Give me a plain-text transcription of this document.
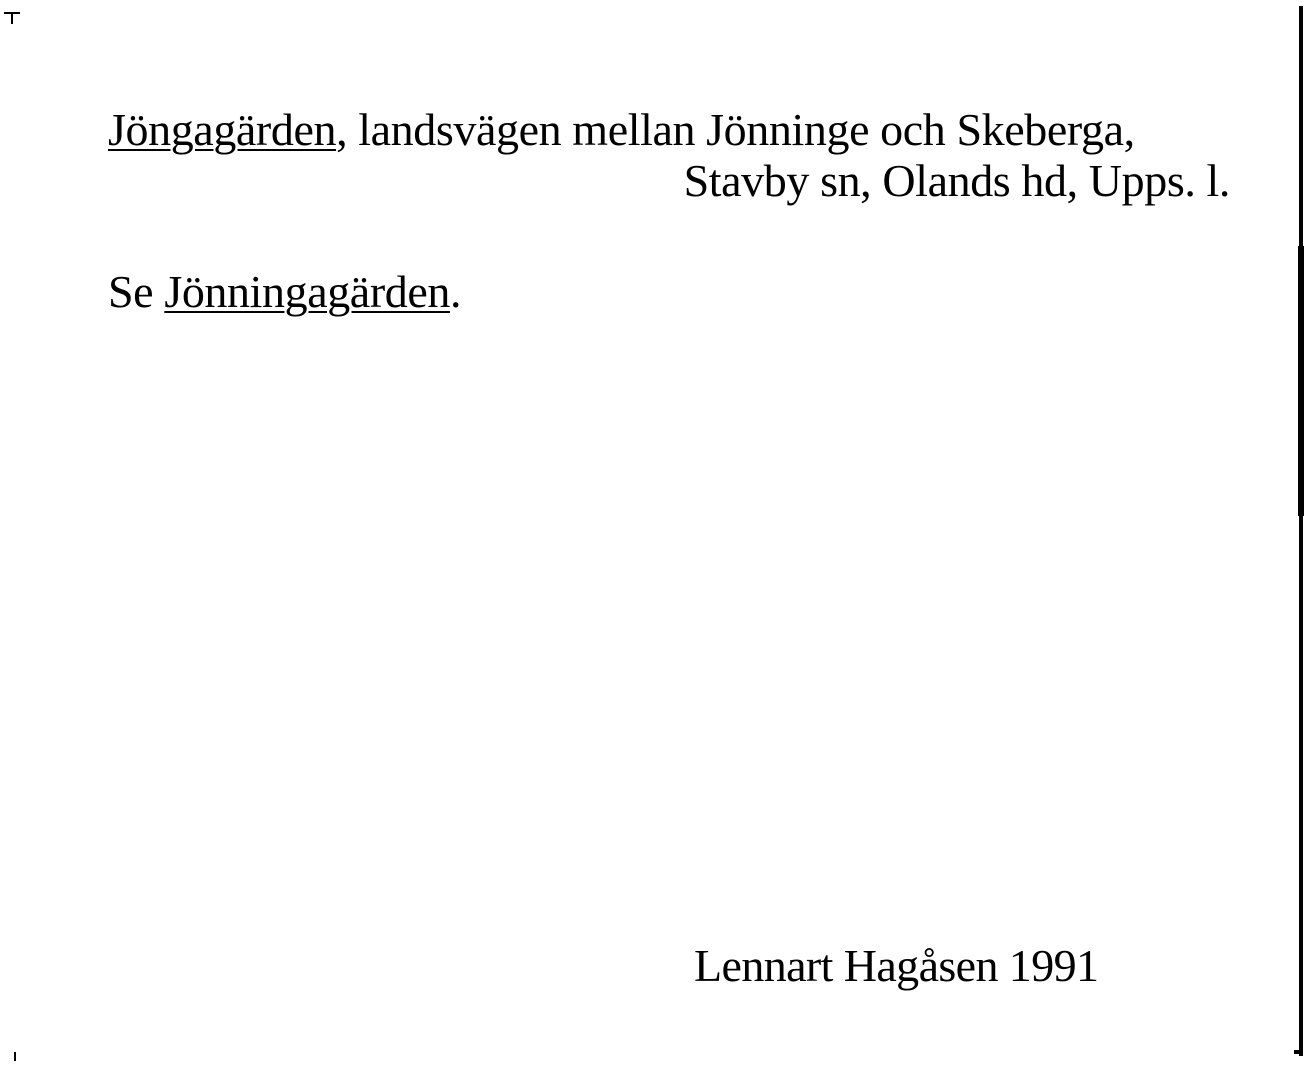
Jöngagärden, landsvägen mellan Jönninge och Skeberga,
Stavby sn, Olands hd, Upps. l.
Se Jönningagärden.
Lennart Hagåsen 1991
